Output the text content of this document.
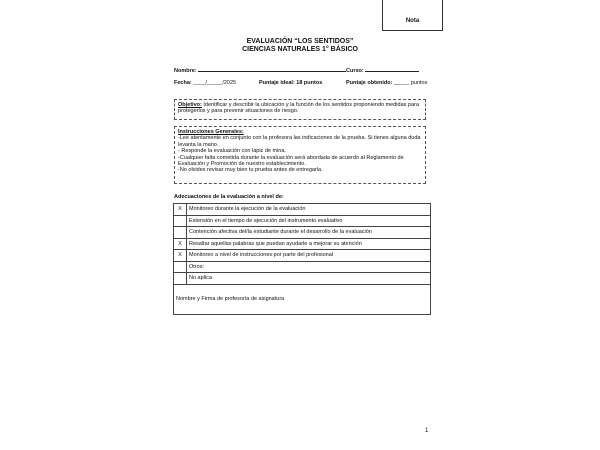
Nota
EVALUACIÓN “LOS SENTIDOS”
CIENCIAS NATURALES 1° BÁSICO
Nombre:	Curso:
Fecha: ____/_____/2025	Puntaje ideal: 18 puntos	Puntaje obtenido: _____ puntos
Objetivo: Identificar y describir la ubicación y la función de los sentidos proponiendo medidas para protegerlos y para prevenir situaciones de riesgo.
Instrucciones Generales:
-Lee atentamente en conjunto con la profesora las indicaciones de la prueba. Si tienes alguna duda levanta la mano.
- Responde la evaluación con lápiz de mina.
-Cualquier falta cometida durante la evaluación será abordada de acuerdo al Reglamento de Evaluación y Promoción de nuestro establecimiento.
-No olvides revisar muy bien tu prueba antes de entregarla.
Adecuaciones de la evaluación a nivel de:
X	Monitoreo durante la ejecución de la evaluación
	Extensión en el tiempo de ejecución del instrumento evaluativo
	Contención afectiva del/la estudiante durante el desarrollo de la evaluación
X	Resaltar aquellas palabras que puedan ayudarle a mejorar su atención
X	Monitoreo a nivel de instrucciones por parte del profesional
	Otros:
	No aplica
Nombre y Firma de profesoría de asignatura	
1
